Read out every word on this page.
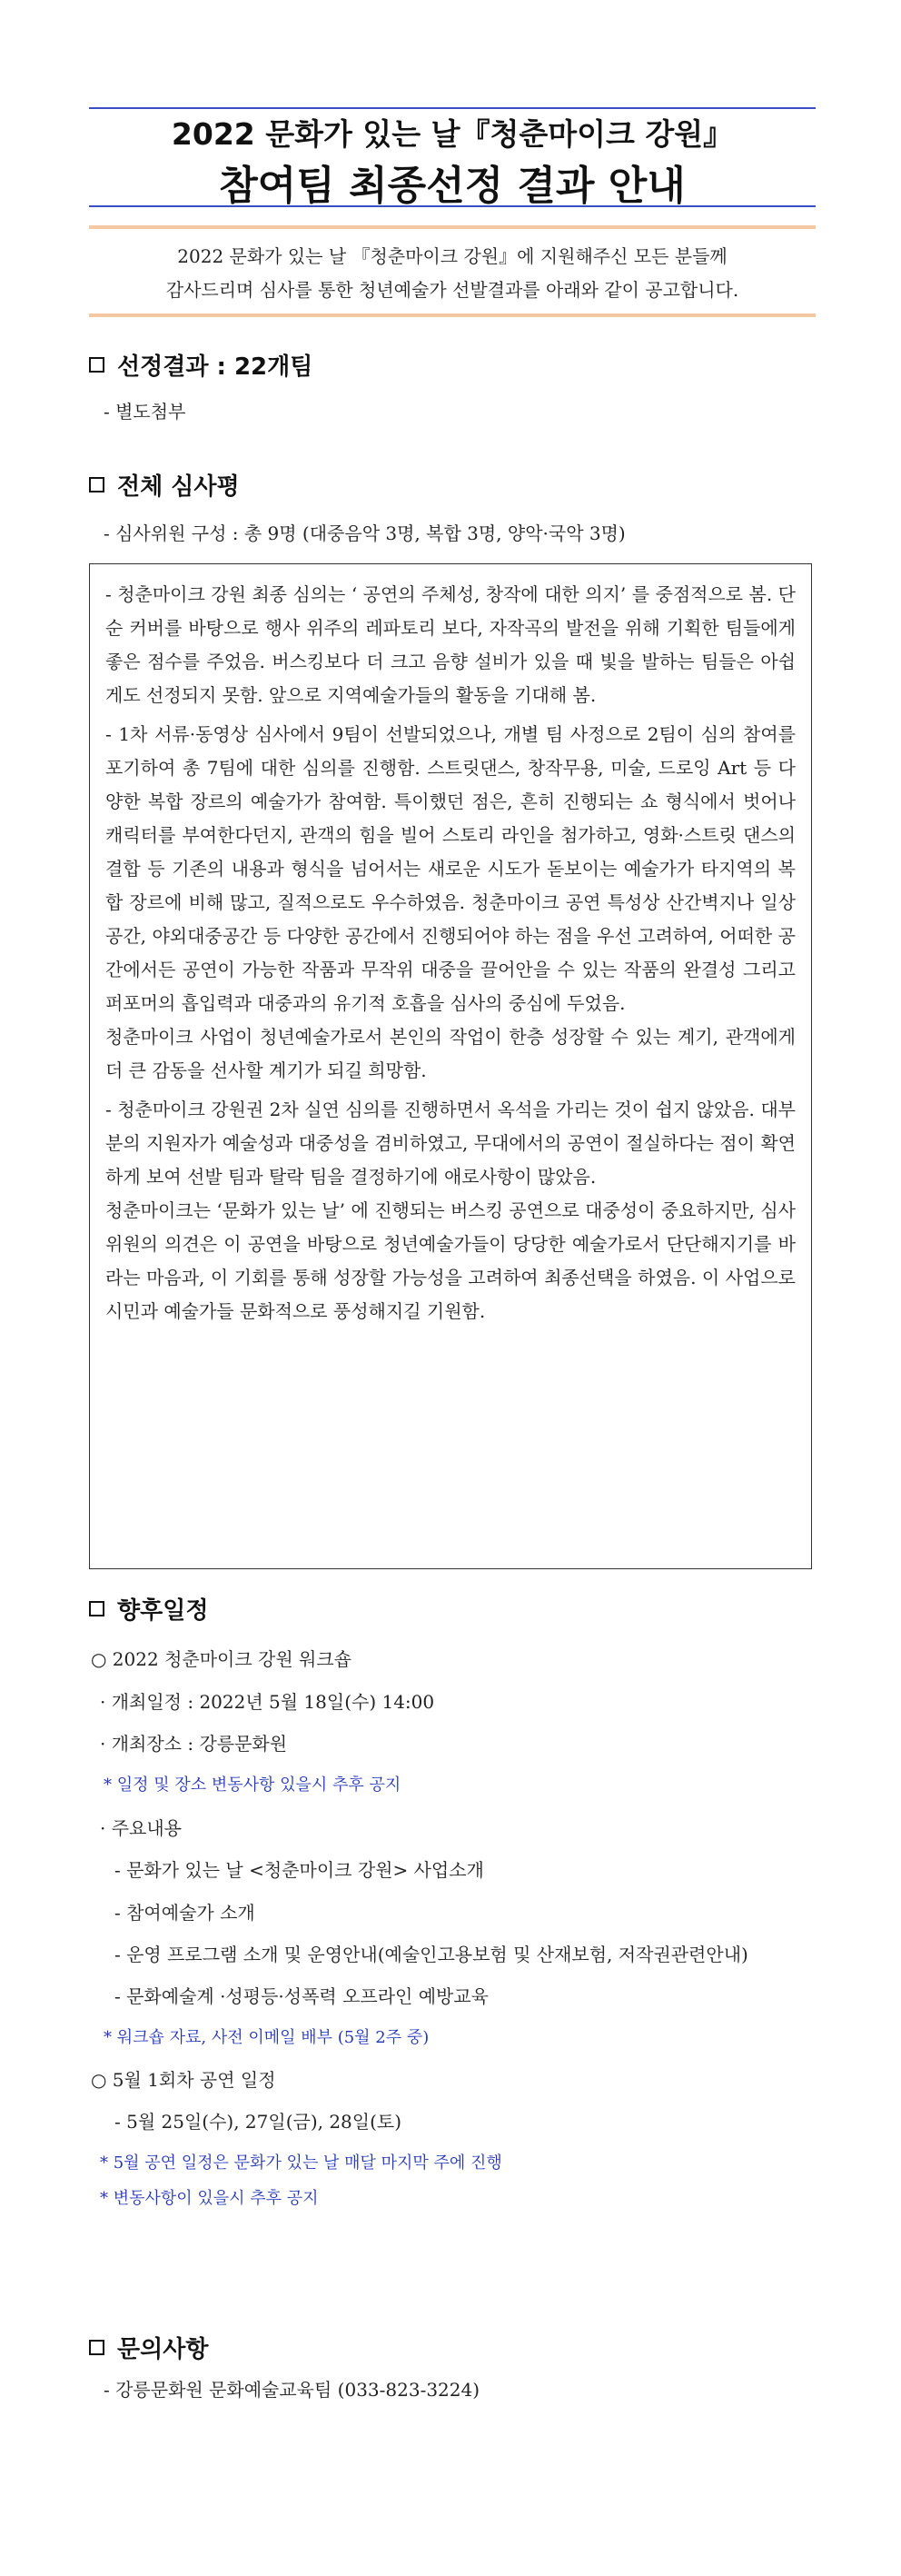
2022 문화가 있는 날『청춘마이크 강원』
참여팀 최종선정 결과 안내
2022 문화가 있는 날 『청춘마이크 강원』에 지원해주신 모든 분들께
감사드리며 심사를 통한 청년예술가 선발결과를 아래와 같이 공고합니다.
선정결과 : 22개팀
- 별도첨부
전체 심사평
- 심사위원 구성 : 총 9명 (대중음악 3명, 복합 3명, 양악·국악 3명)

- 청춘마이크 강원 최종 심의는 ‘ 공연의 주체성, 창작에 대한 의지’ 를 중점적으로 봄. 단순 커버를 바탕으로 행사 위주의 레파토리 보다, 자작곡의 발전을 위해 기획한 팀들에게 좋은 점수를 주었음. 버스킹보다 더 크고 음향 설비가 있을 때 빛을 발하는 팀들은 아쉽게도 선정되지 못함. 앞으로 지역예술가들의 활동을 기대해 봄.

- 1차 서류·동영상 심사에서 9팀이 선발되었으나, 개별 팀 사정으로 2팀이 심의 참여를 포기하여 총 7팀에 대한 심의를 진행함. 스트릿댄스, 창작무용, 미술, 드로잉 Art 등 다양한 복합 장르의 예술가가 참여함. 특이했던 점은, 흔히 진행되는 쇼 형식에서 벗어나 캐릭터를 부여한다던지, 관객의 힘을 빌어 스토리 라인을 첨가하고, 영화·스트릿 댄스의 결합 등 기존의 내용과 형식을 넘어서는 새로운 시도가 돋보이는 예술가가 타지역의 복합 장르에 비해 많고, 질적으로도 우수하였음. 청춘마이크 공연 특성상 산간벽지나 일상공간, 야외대중공간 등 다양한 공간에서 진행되어야 하는 점을 우선 고려하여, 어떠한 공간에서든 공연이 가능한 작품과 무작위 대중을 끌어안을 수 있는 작품의 완결성 그리고 퍼포머의 흡입력과 대중과의 유기적 호흡을 심사의 중심에 두었음.

청춘마이크 사업이 청년예술가로서 본인의 작업이 한층 성장할 수 있는 계기, 관객에게 더 큰 감동을 선사할 계기가 되길 희망함.

- 청춘마이크 강원권 2차 실연 심의를 진행하면서 옥석을 가리는 것이 쉽지 않았음. 대부분의 지원자가 예술성과 대중성을 겸비하였고, 무대에서의 공연이 절실하다는 점이 확연하게 보여 선발 팀과 탈락 팀을 결정하기에 애로사항이 많았음.

청춘마이크는 ‘문화가 있는 날’ 에 진행되는 버스킹 공연으로 대중성이 중요하지만, 심사위원의 의견은 이 공연을 바탕으로 청년예술가들이 당당한 예술가로서 단단해지기를 바라는 마음과, 이 기회를 통해 성장할 가능성을 고려하여 최종선택을 하였음. 이 사업으로 시민과 예술가들 문화적으로 풍성해지길 기원함.

향후일정
○ 2022 청춘마이크 강원 워크숍
· 개최일정 : 2022년 5월 18일(수) 14:00
· 개최장소 : 강릉문화원
* 일정 및 장소 변동사항 있을시 추후 공지
· 주요내용
- 문화가 있는 날 <청춘마이크 강원> 사업소개
- 참여예술가 소개
- 운영 프로그램 소개 및 운영안내(예술인고용보험 및 산재보험, 저작권관련안내)
- 문화예술계 ·성평등·성폭력 오프라인 예방교육
* 워크숍 자료, 사전 이메일 배부 (5월 2주 중)
○ 5월 1회차 공연 일정
- 5월 25일(수), 27일(금), 28일(토)
* 5월 공연 일정은 문화가 있는 날 매달 마지막 주에 진행
* 변동사항이 있을시 추후 공지
문의사항
- 강릉문화원 문화예술교육팀 (033-823-3224)
